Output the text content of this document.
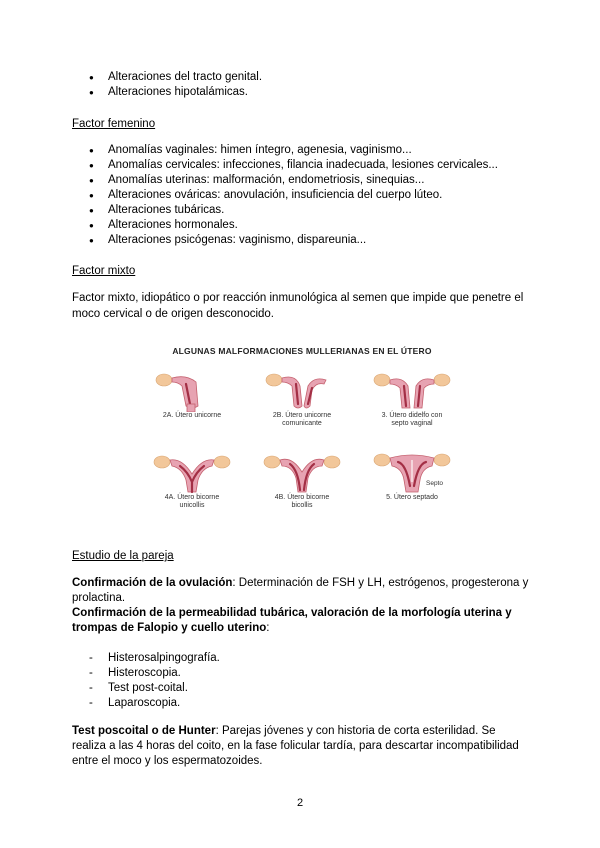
● Alteraciones del tracto genital.
● Alteraciones hipotalámicas.
Factor femenino
● Anomalías vaginales: himen íntegro, agenesia, vaginismo...
● Anomalías cervicales: infecciones, filancia inadecuada, lesiones cervicales...
● Anomalías uterinas: malformación, endometriosis, sinequias...
● Alteraciones ováricas: anovulación, insuficiencia del cuerpo lúteo.
● Alteraciones tubáricas.
● Alteraciones hormonales.
● Alteraciones psicógenas: vaginismo, dispareunia...
Factor mixto

Factor mixto, idiopático o por reacción inmunológica al semen que impide que penetre el moco cervical o de origen desconocido.

ALGUNAS MALFORMACIONES MULLERIANAS EN EL ÚTERO
2A. Útero unicorne	2B. Útero unicorne
comunicante
3. Útero didelfo con
septo vaginal
4A. Útero bicorne
unicollis
4B. Útero bicorne
bicollis
Septo
5. Útero septado
Estudio de la pareja

Confirmación de la ovulación: Determinación de FSH y LH, estrógenos, progesterona y prolactina.

Confirmación de la permeabilidad tubárica, valoración de la morfología uterina y trompas de Falopio y cuello uterino:

- Histerosalpingografía.
- Histeroscopia.
- Test post-coital.
- Laparoscopia.

Test poscoital o de Hunter: Parejas jóvenes y con historia de corta esterilidad. Se realiza a las 4 horas del coito, en la fase folicular tardía, para descartar incompatibilidad entre el moco y los espermatozoides.

2
